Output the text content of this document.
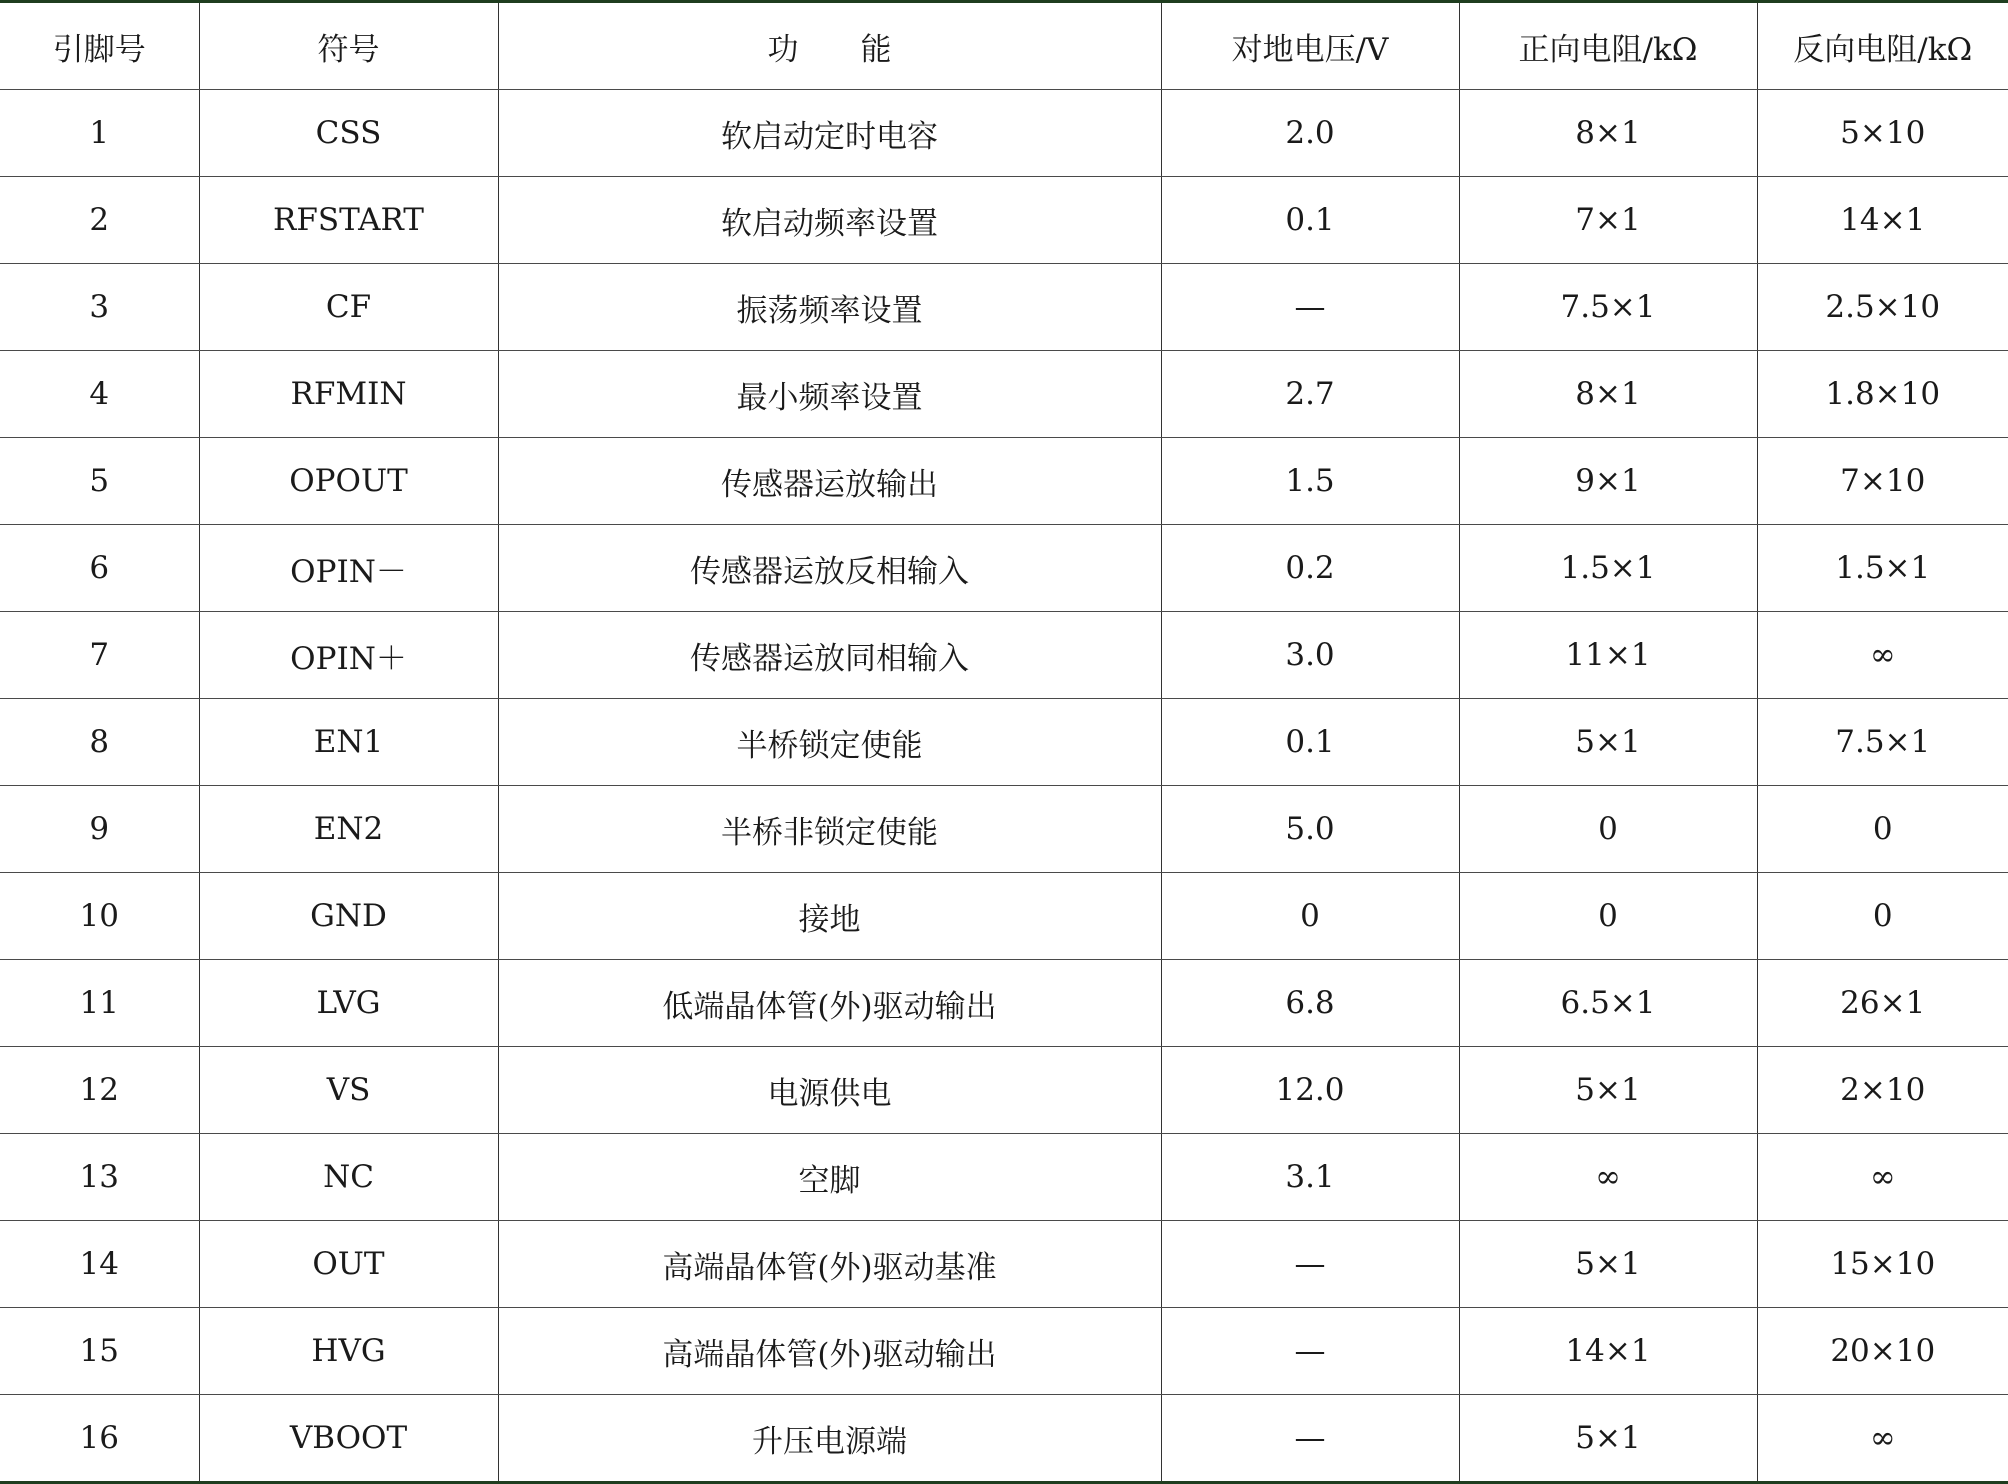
引脚号	符号	功　　能	对地电压/V	正向电阻/kΩ	反向电阻/kΩ
1	CSS	软启动定时电容	2.0	8×1	5×10
2	RFSTART	软启动频率设置	0.1	7×1	14×1
3	CF	振荡频率设置	—	7.5×1	2.5×10
4	RFMIN	最小频率设置	2.7	8×1	1.8×10
5	OPOUT	传感器运放输出	1.5	9×1	7×10
6	OPIN－	传感器运放反相输入	0.2	1.5×1	1.5×1
7	OPIN＋	传感器运放同相输入	3.0	11×1	∞
8	EN1	半桥锁定使能	0.1	5×1	7.5×1
9	EN2	半桥非锁定使能	5.0	0	0
10	GND	接地	0	0	0
11	LVG	低端晶体管(外)驱动输出	6.8	6.5×1	26×1
12	VS	电源供电	12.0	5×1	2×10
13	NC	空脚	3.1	∞	∞
14	OUT	高端晶体管(外)驱动基准	—	5×1	15×10
15	HVG	高端晶体管(外)驱动输出	—	14×1	20×10
16	VBOOT	升压电源端	—	5×1	∞
